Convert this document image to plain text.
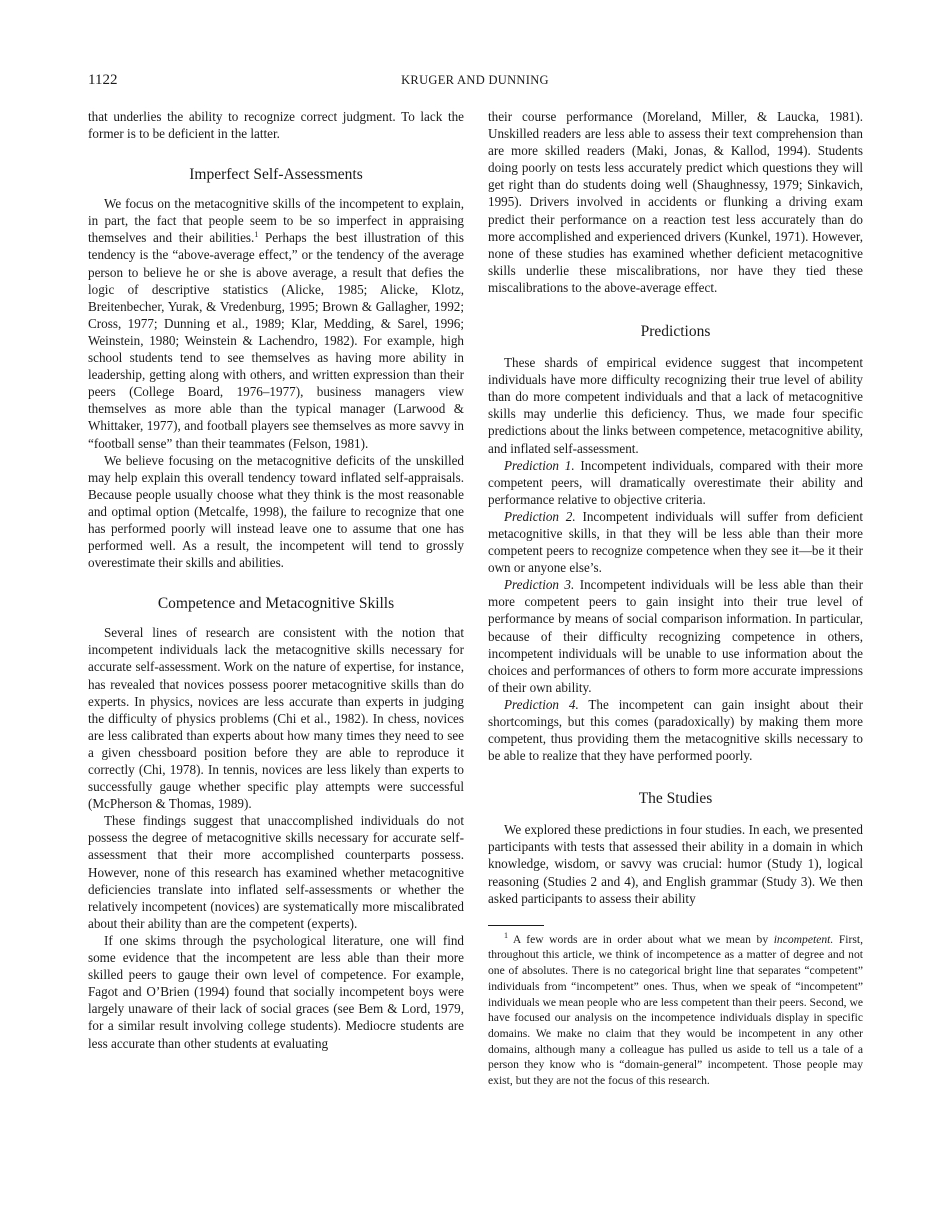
1122	KRUGER AND DUNNING

that underlies the ability to recognize correct judgment. To lack the former is to be deficient in the latter.

Imperfect Self-Assessments

We focus on the metacognitive skills of the incompetent to explain, in part, the fact that people seem to be so imperfect in appraising themselves and their abilities.$^1$ Perhaps the best illustration of this tendency is the “above-average effect,” or the tendency of the average person to believe he or she is above average, a result that defies the logic of descriptive statistics (Alicke, 1985; Alicke, Klotz, Breitenbecher, Yurak, & Vredenburg, 1995; Brown & Gallagher, 1992; Cross, 1977; Dunning et al., 1989; Klar, Medding, & Sarel, 1996; Weinstein, 1980; Weinstein & Lachendro, 1982). For example, high school students tend to see themselves as having more ability in leadership, getting along with others, and written expression than their peers (College Board, 1976–1977), business managers view themselves as more able than the typical manager (Larwood & Whittaker, 1977), and football players see themselves as more savvy in “football sense” than their teammates (Felson, 1981).

We believe focusing on the metacognitive deficits of the unskilled may help explain this overall tendency toward inflated self-appraisals. Because people usually choose what they think is the most reasonable and optimal option (Metcalfe, 1998), the failure to recognize that one has performed poorly will instead leave one to assume that one has performed well. As a result, the incompetent will tend to grossly overestimate their skills and abilities.

Competence and Metacognitive Skills

Several lines of research are consistent with the notion that incompetent individuals lack the metacognitive skills necessary for accurate self-assessment. Work on the nature of expertise, for instance, has revealed that novices possess poorer metacognitive skills than do experts. In physics, novices are less accurate than experts in judging the difficulty of physics problems (Chi et al., 1982). In chess, novices are less calibrated than experts about how many times they need to see a given chessboard position before they are able to reproduce it correctly (Chi, 1978). In tennis, novices are less likely than experts to successfully gauge whether specific play attempts were successful (McPherson & Thomas, 1989).

These findings suggest that unaccomplished individuals do not possess the degree of metacognitive skills necessary for accurate self-assessment that their more accomplished counterparts possess. However, none of this research has examined whether metacognitive deficiencies translate into inflated self-assessments or whether the relatively incompetent (novices) are systematically more miscalibrated about their ability than are the competent (experts).

If one skims through the psychological literature, one will find some evidence that the incompetent are less able than their more skilled peers to gauge their own level of competence. For example, Fagot and O’Brien (1994) found that socially incompetent boys were largely unaware of their lack of social graces (see Bem & Lord, 1979, for a similar result involving college students). Mediocre students are less accurate than other students at evaluating

their course performance (Moreland, Miller, & Laucka, 1981). Unskilled readers are less able to assess their text comprehension than are more skilled readers (Maki, Jonas, & Kallod, 1994). Students doing poorly on tests less accurately predict which questions they will get right than do students doing well (Shaughnessy, 1979; Sinkavich, 1995). Drivers involved in accidents or flunking a driving exam predict their performance on a reaction test less accurately than do more accomplished and experienced drivers (Kunkel, 1971). However, none of these studies has examined whether deficient metacognitive skills underlie these miscalibrations, nor have they tied these miscalibrations to the above-average effect.

Predictions

These shards of empirical evidence suggest that incompetent individuals have more difficulty recognizing their true level of ability than do more competent individuals and that a lack of metacognitive skills may underlie this deficiency. Thus, we made four specific predictions about the links between competence, metacognitive ability, and inflated self-assessment.

Prediction 1. Incompetent individuals, compared with their more competent peers, will dramatically overestimate their ability and performance relative to objective criteria.

Prediction 2. Incompetent individuals will suffer from deficient metacognitive skills, in that they will be less able than their more competent peers to recognize competence when they see it—be it their own or anyone else’s.

Prediction 3. Incompetent individuals will be less able than their more competent peers to gain insight into their true level of performance by means of social comparison information. In particular, because of their difficulty recognizing competence in others, incompetent individuals will be unable to use information about the choices and performances of others to form more accurate impressions of their own ability.

Prediction 4. The incompetent can gain insight about their shortcomings, but this comes (paradoxically) by making them more competent, thus providing them the metacognitive skills necessary to be able to realize that they have performed poorly.

The Studies

We explored these predictions in four studies. In each, we presented participants with tests that assessed their ability in a domain in which knowledge, wisdom, or savvy was crucial: humor (Study 1), logical reasoning (Studies 2 and 4), and English grammar (Study 3). We then asked participants to assess their ability

$^1$ A few words are in order about what we mean by incompetent. First, throughout this article, we think of incompetence as a matter of degree and not one of absolutes. There is no categorical bright line that separates “competent” individuals from “incompetent” ones. Thus, when we speak of “incompetent” individuals we mean people who are less competent than their peers. Second, we have focused our analysis on the incompetence individuals display in specific domains. We make no claim that they would be incompetent in any other domains, although many a colleague has pulled us aside to tell us a tale of a person they know who is “domain-general” incompetent. Those people may exist, but they are not the focus of this research.
